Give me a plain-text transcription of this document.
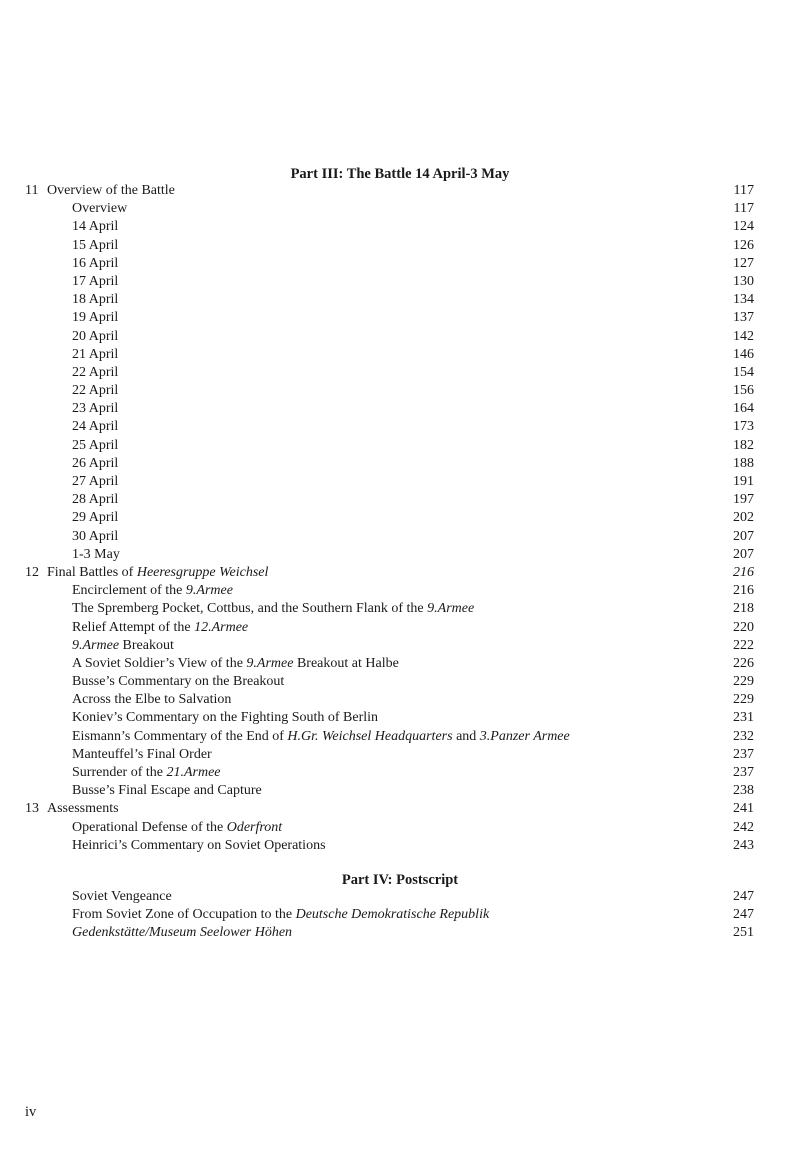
Part III: The Battle 14 April-3 May
11 Overview of the Battle	117
Overview	117
14 April	124
15 April	126
16 April	127
17 April	130
18 April	134
19 April	137
20 April	142
21 April	146
22 April	154
22 April	156
23 April	164
24 April	173
25 April	182
26 April	188
27 April	191
28 April	197
29 April	202
30 April	207
1-3 May	207
12 Final Battles of Heeresgruppe Weichsel	216
Encirclement of the 9.Armee	216
The Spremberg Pocket, Cottbus, and the Southern Flank of the 9.Armee	218
Relief Attempt of the 12.Armee	220
9.Armee Breakout	222
A Soviet Soldier’s View of the 9.Armee Breakout at Halbe	226
Busse’s Commentary on the Breakout	229
Across the Elbe to Salvation	229
Koniev’s Commentary on the Fighting South of Berlin	231
Eismann’s Commentary of the End of H.Gr. Weichsel Headquarters and 3.Panzer Armee	232
Manteuffel’s Final Order	237
Surrender of the 21.Armee	237
Busse’s Final Escape and Capture	238
13 Assessments	241
Operational Defense of the Oderfront	242
Heinrici’s Commentary on Soviet Operations	243
Part IV: Postscript
Soviet Vengeance	247
From Soviet Zone of Occupation to the Deutsche Demokratische Republik	247
Gedenkstätte/Museum Seelower Höhen	251
iv
